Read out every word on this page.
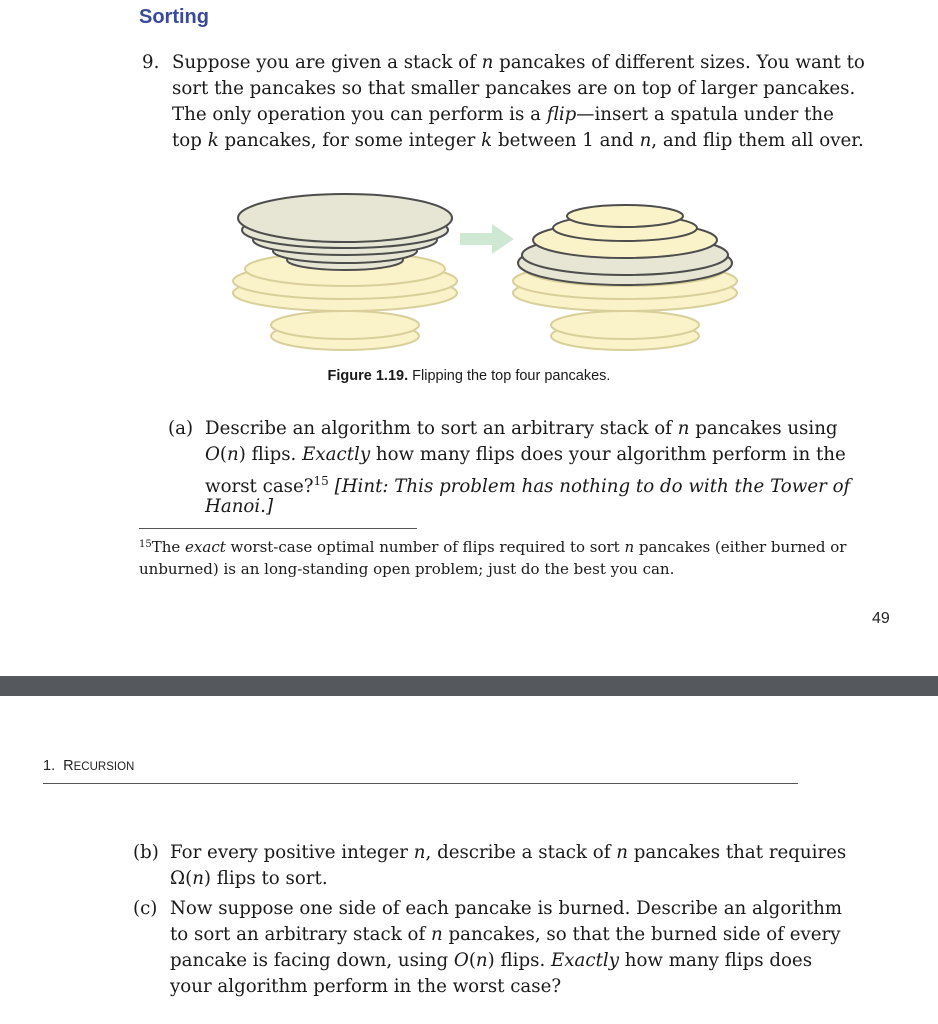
Sorting
9. Suppose you are given a stack of n pancakes of different sizes. You want to

sort the pancakes so that smaller pancakes are on top of larger pancakes.

The only operation you can perform is a flip—insert a spatula under the

top k pancakes, for some integer k between 1 and n, and flip them all over.

Figure 1.19. Flipping the top four pancakes.
(a) Describe an algorithm to sort an arbitrary stack of n pancakes using

O(n) flips. Exactly how many flips does your algorithm perform in the

worst case?$^{15}$ [Hint: This problem has nothing to do with the Tower of

Hanoi.]

$^{15}$The exact worst-case optimal number of flips required to sort n pancakes (either burned or
unburned) is an long-standing open problem; just do the best you can.
49
1. RECURSION
(b) For every positive integer n, describe a stack of n pancakes that requires

Ω(n) flips to sort.

(c) Now suppose one side of each pancake is burned. Describe an algorithm

to sort an arbitrary stack of n pancakes, so that the burned side of every

pancake is facing down, using O(n) flips. Exactly how many flips does

your algorithm perform in the worst case?
